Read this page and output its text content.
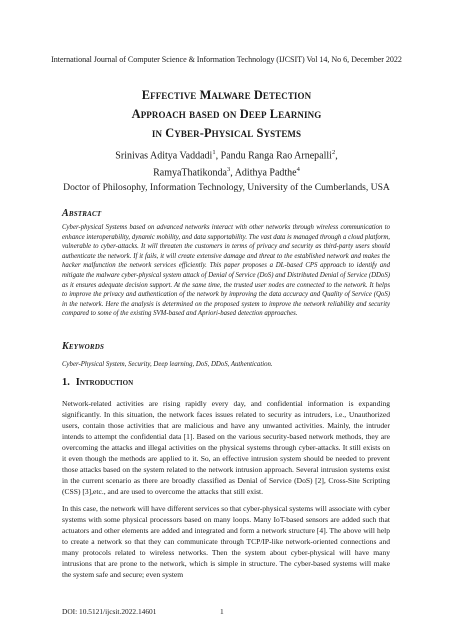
International Journal of Computer Science & Information Technology (IJCSIT) Vol 14, No 6, December 2022
Effective Malware Detection
Approach based on Deep Learning
in Cyber-Physical Systems
Srinivas Aditya Vaddadi$^1$, Pandu Ranga Rao Arnepalli$^2$,
RamyaThatikonda$^3$, Adithya Padthe$^4$
Doctor of Philosophy, Information Technology, University of the Cumberlands, USA
Abstract

Cyber-physical Systems based on advanced networks interact with other networks through wireless communication to enhance interoperability, dynamic mobility, and data supportability. The vast data is managed through a cloud platform, vulnerable to cyber-attacks. It will threaten the customers in terms of privacy and security as third-party users should authenticate the network. If it fails, it will create extensive damage and threat to the established network and makes the hacker malfunction the network services efficiently. This paper proposes a DL-based CPS approach to identify and mitigate the malware cyber-physical system attack of Denial of Service (DoS) and Distributed Denial of Service (DDoS) as it ensures adequate decision support. At the same time, the trusted user nodes are connected to the network. It helps to improve the privacy and authentication of the network by improving the data accuracy and Quality of Service (QoS) in the network. Here the analysis is determined on the proposed system to improve the network reliability and security compared to some of the existing SVM-based and Apriori-based detection approaches.

Keywords

Cyber-Physical System, Security, Deep learning, DoS, DDoS, Authentication.

1. Introduction

Network-related activities are rising rapidly every day, and confidential information is expanding significantly. In this situation, the network faces issues related to security as intruders, i.e., Unauthorized users, contain those activities that are malicious and have any unwanted activities. Mainly, the intruder intends to attempt the confidential data [1]. Based on the various security-based network methods, they are overcoming the attacks and illegal activities on the physical systems through cyber-attacks. It still exists on it even though the methods are applied to it. So, an effective intrusion system should be needed to prevent those attacks based on the system related to the network intrusion approach. Several intrusion systems exist in the current scenario as there are broadly classified as Denial of Service (DoS) [2], Cross-Site Scripting (CSS) [3],etc., and are used to overcome the attacks that still exist.

In this case, the network will have different services so that cyber-physical systems will associate with cyber systems with some physical processors based on many loops. Many IoT-based sensors are added such that actuators and other elements are added and integrated and form a network structure [4]. The above will help to create a network so that they can communicate through TCP/IP-like network-oriented connections and many protocols related to wireless networks. Then the system about cyber-physical will have many intrusions that are prone to the network, which is simple in structure. The cyber-based systems will make the system safe and secure; even system

DOI: 10.5121/ijcsit.2022.14601	1
